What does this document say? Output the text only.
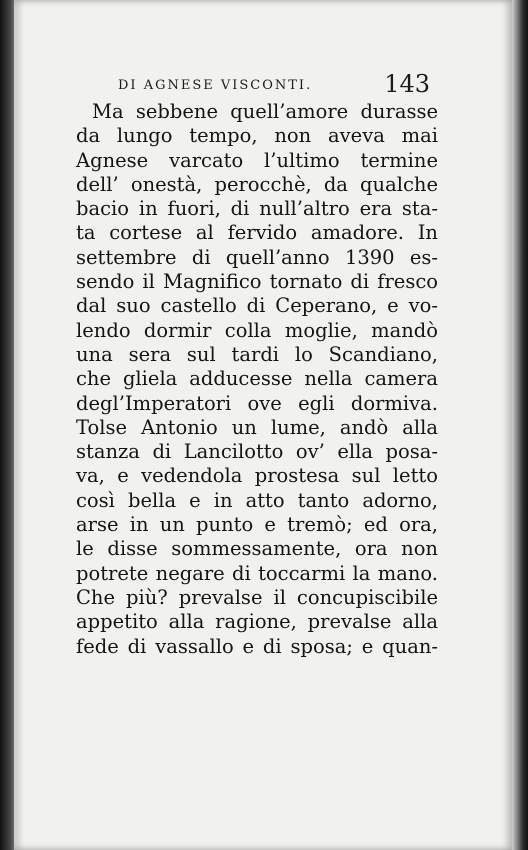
DI AGNESE VISCONTI.	143
Ma sebbene quell’amore durasse
da lungo tempo, non aveva mai
Agnese varcato l’ultimo termine
dell’ onestà, perocchè, da qualche
bacio in fuori, di null’altro era sta-
ta cortese al fervido amadore. In
settembre di quell’anno 1390 es-
sendo il Magnifico tornato di fresco
dal suo castello di Ceperano, e vo-
lendo dormir colla moglie, mandò
una sera sul tardi lo Scandiano,
che gliela adducesse nella camera
degl’Imperatori ove egli dormiva.
Tolse Antonio un lume, andò alla
stanza di Lancilotto ov’ ella posa-
va, e vedendola prostesa sul letto
così bella e in atto tanto adorno,
arse in un punto e tremò; ed ora,
le disse sommessamente, ora non
potrete negare di toccarmi la mano.
Che più? prevalse il concupiscibile
appetito alla ragione, prevalse alla
fede di vassallo e di sposa; e quan-
